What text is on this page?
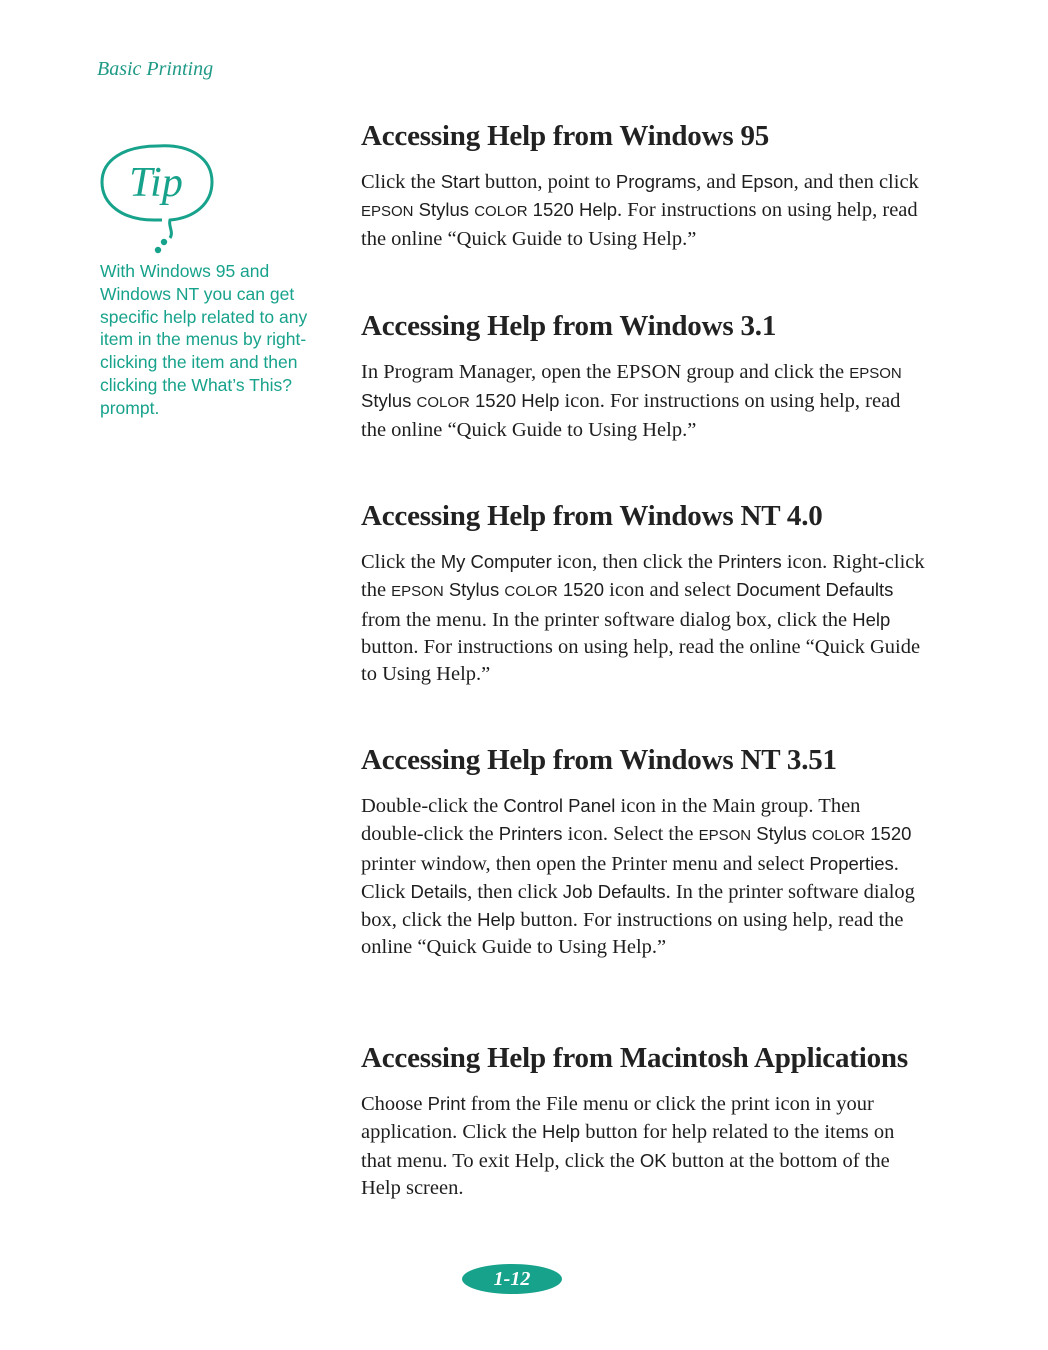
Basic Printing
Tip
With Windows 95 and Windows NT you can get specific help related to any item in the menus by right-clicking the item and then clicking the What’s This? prompt.
Accessing Help from Windows 95

Click the Start button, point to Programs, and Epson, and then click EPSON Stylus COLOR 1520 Help. For instructions on using help, read the online “Quick Guide to Using Help.”

Accessing Help from Windows 3.1

In Program Manager, open the EPSON group and click the EPSON Stylus COLOR 1520 Help icon. For instructions on using help, read the online “Quick Guide to Using Help.”

Accessing Help from Windows NT 4.0

Click the My Computer icon, then click the Printers icon. Right-click the EPSON Stylus COLOR 1520 icon and select Document Defaults from the menu. In the printer software dialog box, click the Help button. For instructions on using help, read the online “Quick Guide to Using Help.”

Accessing Help from Windows NT 3.51

Double-click the Control Panel icon in the Main group. Then double-click the Printers icon. Select the EPSON Stylus COLOR 1520 printer window, then open the Printer menu and select Properties. Click Details, then click Job Defaults. In the printer software dialog box, click the Help button. For instructions on using help, read the online “Quick Guide to Using Help.”

Accessing Help from Macintosh Applications

Choose Print from the File menu or click the print icon in your application. Click the Help button for help related to the items on that menu. To exit Help, click the OK button at the bottom of the Help screen.

1-12
